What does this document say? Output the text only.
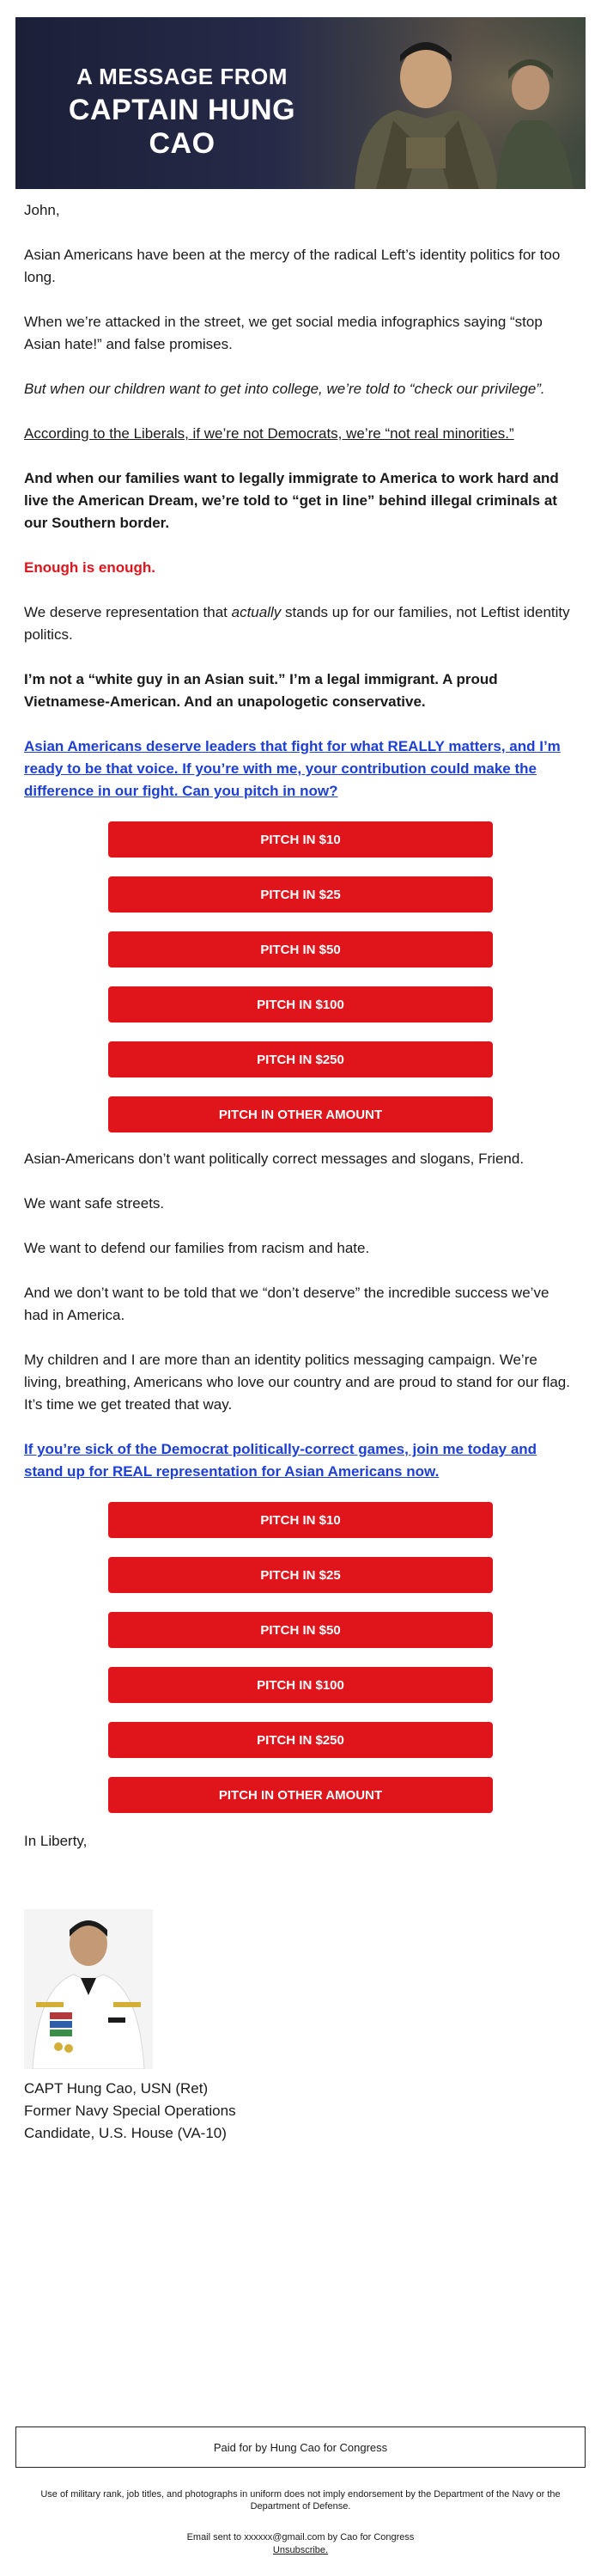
A MESSAGE FROM
CAPTAIN HUNG CAO

John,

Asian Americans have been at the mercy of the radical Left’s identity politics for too long.

When we’re attacked in the street, we get social media infographics saying “stop Asian hate!” and false promises.

But when our children want to get into college, we’re told to “check our privilege”.

According to the Liberals, if we’re not Democrats, we’re “not real minorities.”

And when our families want to legally immigrate to America to work hard and live the American Dream, we’re told to “get in line” behind illegal criminals at our Southern border.

Enough is enough.

We deserve representation that actually stands up for our families, not Leftist identity politics.

I’m not a “white guy in an Asian suit.” I’m a legal immigrant. A proud Vietnamese-American. And an unapologetic conservative.

Asian Americans deserve leaders that fight for what REALLY matters, and I’m ready to be that voice. If you’re with me, your contribution could make the difference in our fight. Can you pitch in now?

PITCH IN $10
PITCH IN $25
PITCH IN $50
PITCH IN $100
PITCH IN $250
PITCH IN OTHER AMOUNT

Asian-Americans don’t want politically correct messages and slogans, Friend.

We want safe streets.

We want to defend our families from racism and hate.

And we don’t want to be told that we “don’t deserve” the incredible success we’ve had in America.

My children and I are more than an identity politics messaging campaign. We’re living, breathing, Americans who love our country and are proud to stand for our flag. It’s time we get treated that way.

If you’re sick of the Democrat politically-correct games, join me today and stand up for REAL representation for Asian Americans now.

PITCH IN $10
PITCH IN $25
PITCH IN $50
PITCH IN $100
PITCH IN $250
PITCH IN OTHER AMOUNT

In Liberty,

CAPT Hung Cao, USN (Ret)

Former Navy Special Operations

Candidate, U.S. House (VA-10)

Paid for by Hung Cao for Congress
Use of military rank, job titles, and photographs in uniform does not imply endorsement by the Department of the Navy or the Department of Defense.
Email sent to xxxxxx@gmail.com by Cao for Congress
Unsubscribe.
